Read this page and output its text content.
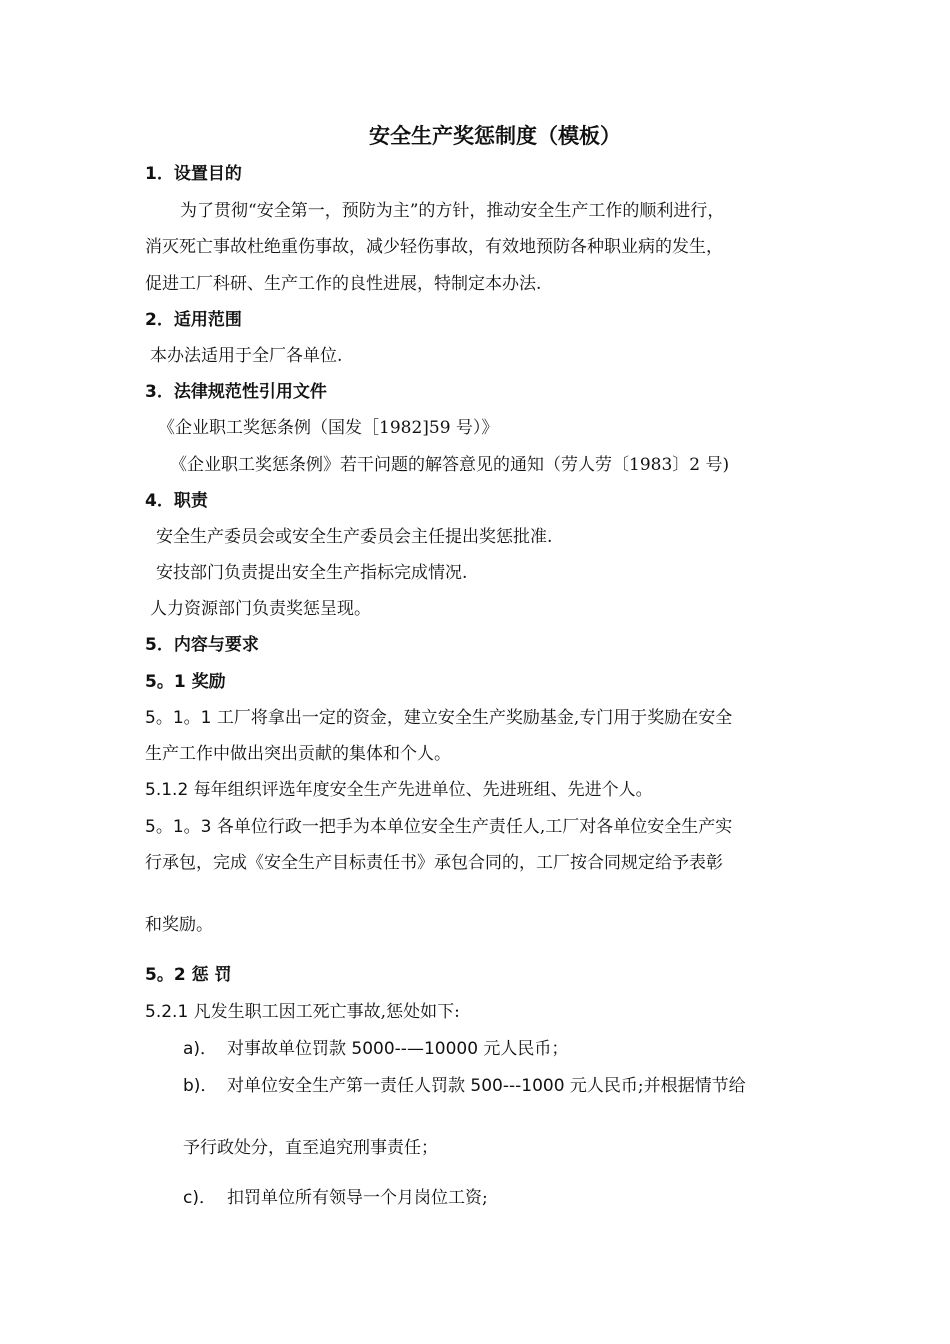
安全生产奖惩制度（模板）
1．设置目的
为了贯彻“安全第一，预防为主”的方针，推动安全生产工作的顺利进行，
消灭死亡事故杜绝重伤事故，减少轻伤事故，有效地预防各种职业病的发生，
促进工厂科研、生产工作的良性进展，特制定本办法.
2．适用范围
本办法适用于全厂各单位.
3．法律规范性引用文件
《企业职工奖惩条例（国发［1982]59 号）》
《企业职工奖惩条例》若干问题的解答意见的通知（劳人劳〔1983〕2 号)
4．职责
安全生产委员会或安全生产委员会主任提出奖惩批准.
安技部门负责提出安全生产指标完成情况.
人力资源部门负责奖惩呈现。
5．内容与要求
5。1 奖励
5。1。1 工厂将拿出一定的资金，建立安全生产奖励基金,专门用于奖励在安全
生产工作中做出突出贡献的集体和个人。
5.1.2 每年组织评选年度安全生产先进单位、先进班组、先进个人。
5。1。3 各单位行政一把手为本单位安全生产责任人,工厂对各单位安全生产实
行承包，完成《安全生产目标责任书》承包合同的，工厂按合同规定给予表彰
和奖励。
5。2 惩 罚
5.2.1 凡发生职工因工死亡事故,惩处如下:
a)． 对事故单位罚款 5000--—10000 元人民币；
b)． 对单位安全生产第一责任人罚款 500---1000 元人民币;并根据情节给
予行政处分，直至追究刑事责任；
c)． 扣罚单位所有领导一个月岗位工资;
